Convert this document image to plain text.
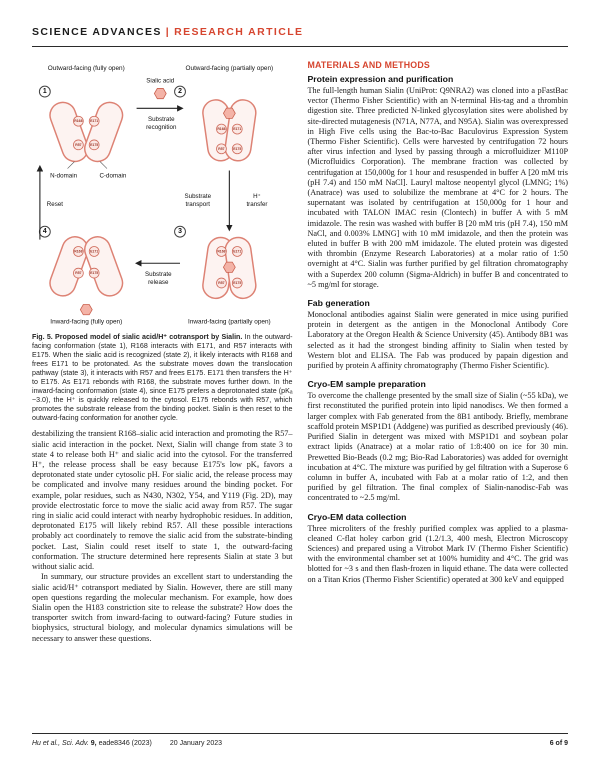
SCIENCE ADVANCES | RESEARCH ARTICLE
Outward-facing (fully open)	Outward-facing (partially open)
Inward-facing (fully open)	Inward-facing (partially open)
R168 E171
R57 E175
1
R168 E171
R57 E175
2
R168 E171
R57 E175
3
R168 E171
R57 E175
4
Sialic acid
Substrate
recognition
Substrate
transport
H⁺
transfer
Substrate
release
Reset
N-domain	C-domain
Fig. 5. Proposed model of sialic acid/H⁺ cotransport by Sialin. In the outward-facing conformation (state 1), R168 interacts with E171, and R57 interacts with E175. When the sialic acid is recognized (state 2), it likely interacts with R168 and frees E171 to be protonated. As the substrate moves down the translocation pathway (state 3), it interacts with R57 and frees E175. E171 then transfers the H⁺ to E175. As E171 rebonds with R168, the substrate moves further down. In the inward-facing conformation (state 4), since E175 prefers a deprotonated state (pKₐ ~3.0), the H⁺ is quickly released to the cytosol. E175 rebonds with R57, which promotes the substrate release from the binding pocket. Sialin is then reset to the outward-facing conformation for another cycle.

destabilizing the transient R168–sialic acid interaction and promoting the R57–sialic acid interaction in the pocket. Next, Sialin will change from state 3 to state 4 to release both H⁺ and sialic acid into the cytosol. For the transferred H⁺, the release process shall be easy because E175's low pKₐ favors a deprotonated state under cytosolic pH. For sialic acid, the release process may be complicated and involve many residues around the binding pocket. For example, polar residues, such as N430, N302, Y54, and Y119 (Fig. 2D), may provide electrostatic force to move the sialic acid away from R57. The sugar ring in sialic acid could interact with nearby hydrophobic residues. In addition, deprotonated E175 will likely rebind R57. All these possible interactions probably act coordinately to remove the sialic acid from the substrate-binding pocket. Last, Sialin could reset itself to state 1, the outward-facing conformation. The structure determined here represents Sialin at state 3 but without sialic acid.

In summary, our structure provides an excellent start to understanding the sialic acid/H⁺ cotransport mediated by Sialin. However, there are still many open questions regarding the molecular mechanism. For example, how does Sialin open the H183 constriction site to release the substrate? How does the transporter switch from inward-facing to outward-facing? Future studies in biophysics, structural biology, and molecular dynamics simulations will be necessary to answer these questions.

MATERIALS AND METHODS
Protein expression and purification

The full-length human Sialin (UniProt: Q9NRA2) was cloned into a pFastBac vector (Thermo Fisher Scientific) with an N-terminal His-tag and a thrombin digestion site. Three predicted N-linked glycosylation sites were abolished by site-directed mutagenesis (N71A, N77A, and N95A). Sialin was overexpressed in High Five cells using the Bac-to-Bac Baculovirus Expression System (Thermo Fisher Scientific). Cells were harvested by centrifugation 72 hours after virus infection and lysed by passing through a microfluidizer M110P (Microfluidics Corporation). The membrane fraction was collected by centrifugation at 150,000g for 1 hour and resuspended in buffer A [20 mM tris (pH 7.4) and 150 mM NaCl]. Lauryl maltose neopentyl glycol (LMNG; 1%) (Anatrace) was used to solubilize the membrane at 4°C for 2 hours. The supernatant was isolated by centrifugation at 150,000g for 1 hour and incubated with TALON IMAC resin (Clontech) in buffer A with 5 mM imidazole. The resin was washed with buffer B [20 mM tris (pH 7.4), 150 mM NaCl, and 0.003% LMNG] with 10 mM imidazole, and then the protein was eluted in buffer B with 200 mM imidazole. The eluted protein was digested with thrombin (Enzyme Research Laboratories) at a molar ratio of 1:50 overnight at 4°C. Sialin was further purified by gel filtration chromatography with a Superdex 200 column (Sigma-Aldrich) in buffer B and concentrated to ~5 mg/ml for storage.

Fab generation

Monoclonal antibodies against Sialin were generated in mice using purified protein in detergent as the antigen in the Monoclonal Antibody Core Laboratory at the Oregon Health & Science University (45). Antibody 8B1 was selected as it had the strongest binding affinity to Sialin when tested by Western blot and ELISA. The Fab was produced by papain digestion and purified by protein A affinity chromatography (Thermo Fisher Scientific).

Cryo-EM sample preparation

To overcome the challenge presented by the small size of Sialin (~55 kDa), we first reconstituted the purified protein into lipid nanodiscs. We then formed a larger complex with Fab generated from the 8B1 antibody. Briefly, membrane scaffold protein MSP1D1 (Addgene) was purified as described previously (46). Purified Sialin in detergent was mixed with MSP1D1 and soybean polar extract lipids (Anatrace) at a molar ratio of 1:8:400 on ice for 30 min. Prewetted Bio-Beads (0.2 mg; Bio-Rad Laboratories) was added for overnight incubation at 4°C. The mixture was purified by gel filtration with a Superose 6 column in buffer A, incubated with Fab at a molar ratio of 1:2, and then purified by gel filtration. The final complex of Sialin-nanodisc-Fab was concentrated to ~2.5 mg/ml.

Cryo-EM data collection

Three microliters of the freshly purified complex was applied to a plasma-cleaned C-flat holey carbon grid (1.2/1.3, 400 mesh, Electron Microscopy Sciences) and prepared using a Vitrobot Mark IV (Thermo Fisher Scientific) with the environmental chamber set at 100% humidity and 4°C. The grid was blotted for ~3 s and then flash-frozen in liquid ethane. The data were collected on a Titan Krios (Thermo Fisher Scientific) operated at 300 keV and equipped

Hu et al., Sci. Adv. 9, eade8346 (2023)	20 January 2023	6 of 9
